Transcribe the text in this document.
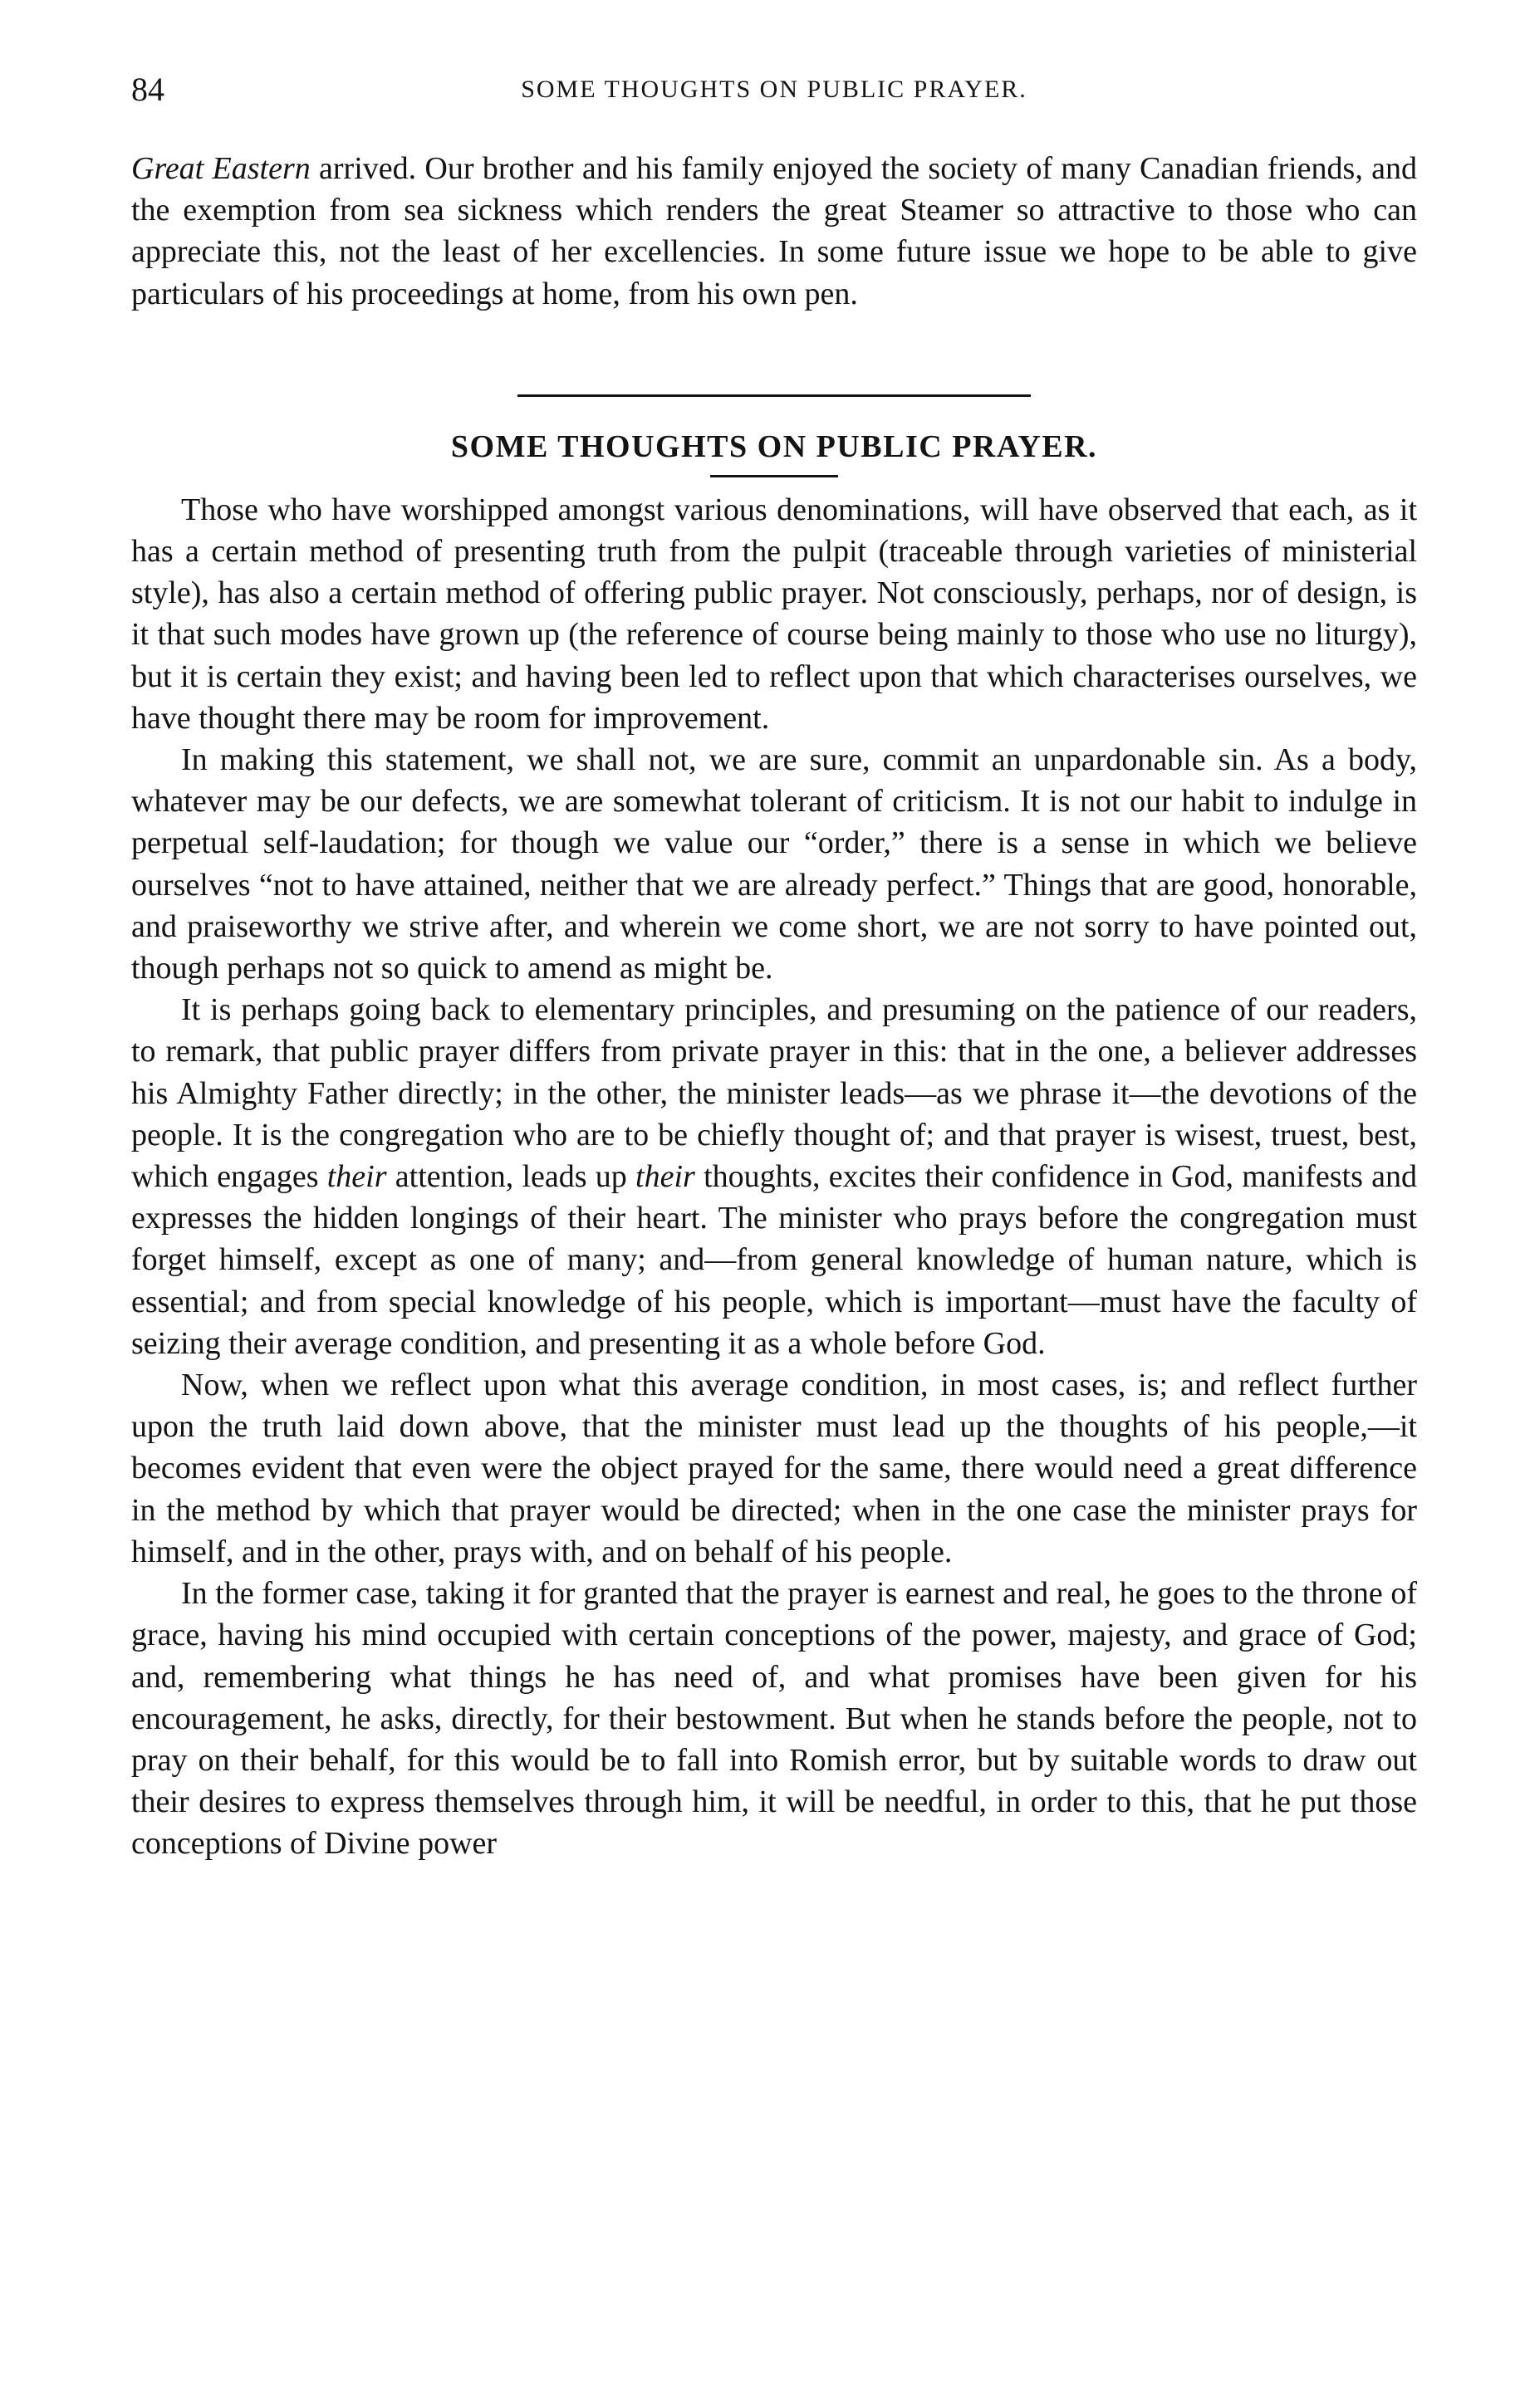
84	SOME THOUGHTS ON PUBLIC PRAYER.

Great Eastern arrived. Our brother and his family enjoyed the society of many Canadian friends, and the exemption from sea sickness which renders the great Steamer so attractive to those who can appreciate this, not the least of her excellencies. In some future issue we hope to be able to give particulars of his proceedings at home, from his own pen.

SOME THOUGHTS ON PUBLIC PRAYER.

Those who have worshipped amongst various denominations, will have observed that each, as it has a certain method of presenting truth from the pulpit (traceable through varieties of ministerial style), has also a certain method of offering public prayer. Not consciously, perhaps, nor of design, is it that such modes have grown up (the reference of course being mainly to those who use no liturgy), but it is certain they exist; and having been led to reflect upon that which characterises ourselves, we have thought there may be room for improvement.

In making this statement, we shall not, we are sure, commit an unpardonable sin. As a body, whatever may be our defects, we are somewhat tolerant of criticism. It is not our habit to indulge in perpetual self-laudation; for though we value our “order,” there is a sense in which we believe ourselves “not to have attained, neither that we are already perfect.” Things that are good, honorable, and praiseworthy we strive after, and wherein we come short, we are not sorry to have pointed out, though perhaps not so quick to amend as might be.

It is perhaps going back to elementary principles, and presuming on the patience of our readers, to remark, that public prayer differs from private prayer in this: that in the one, a believer addresses his Almighty Father directly; in the other, the minister leads—as we phrase it—the devotions of the people. It is the congregation who are to be chiefly thought of; and that prayer is wisest, truest, best, which engages their attention, leads up their thoughts, excites their confidence in God, manifests and expresses the hidden longings of their heart. The minister who prays before the congregation must forget himself, except as one of many; and—from general knowledge of human nature, which is essential; and from special knowledge of his people, which is important—must have the faculty of seizing their average condition, and presenting it as a whole before God.

Now, when we reflect upon what this average condition, in most cases, is; and reflect further upon the truth laid down above, that the minister must lead up the thoughts of his people,—it becomes evident that even were the object prayed for the same, there would need a great difference in the method by which that prayer would be directed; when in the one case the minister prays for himself, and in the other, prays with, and on behalf of his people.

In the former case, taking it for granted that the prayer is earnest and real, he goes to the throne of grace, having his mind occupied with certain conceptions of the power, majesty, and grace of God; and, remembering what things he has need of, and what promises have been given for his encouragement, he asks, directly, for their bestowment. But when he stands before the people, not to pray on their behalf, for this would be to fall into Romish error, but by suitable words to draw out their desires to express themselves through him, it will be needful, in order to this, that he put those conceptions of Divine power
